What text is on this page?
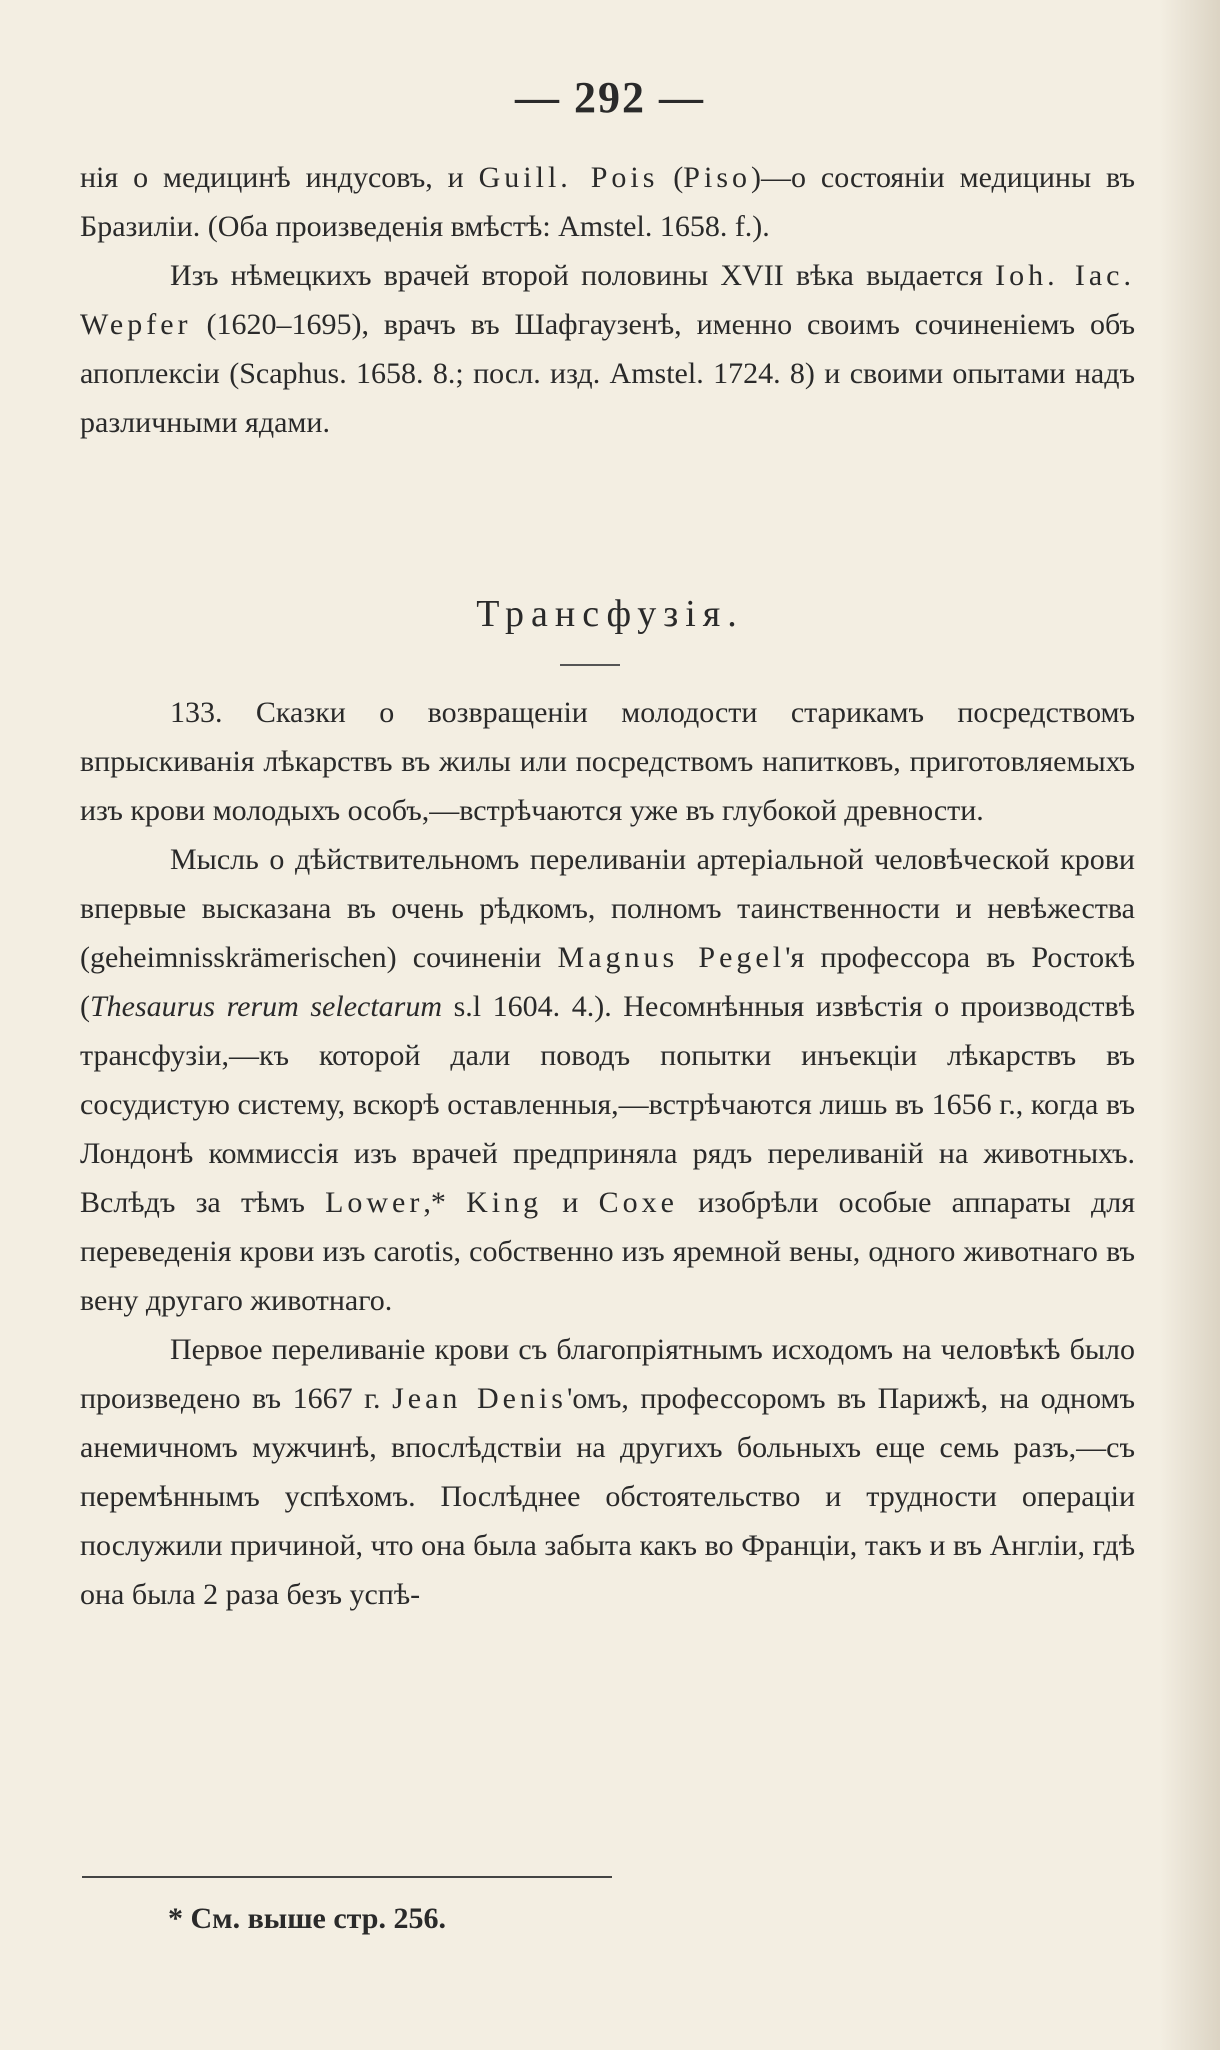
— 292 —

нія о медицинѣ индусовъ, и Guill. Pois (Piso)—о состояніи медицины въ Бразиліи. (Оба произведенія вмѣстѣ: Amstel. 1658. f.).

Изъ нѣмецкихъ врачей второй половины XVII вѣка выдается Ioh. Iac. Wepfer (1620–1695), врачъ въ Шафгаузенѣ, именно своимъ сочиненіемъ объ апоплексіи (Scaphus. 1658. 8.; посл. изд. Amstel. 1724. 8) и своими опытами надъ различными ядами.

Трансфузія.

133. Сказки о возвращеніи молодости старикамъ посредствомъ впрыскиванія лѣкарствъ въ жилы или посредствомъ напитковъ, приготовляемыхъ изъ крови молодыхъ особъ,—встрѣчаются уже въ глубокой древности.

Мысль о дѣйствительномъ переливаніи артеріальной человѣческой крови впервые высказана въ очень рѣдкомъ, полномъ таинственности и невѣжества (geheimnisskrämerischen) сочиненіи Magnus Pegel'я профессора въ Ростокѣ (Thesaurus rerum selectarum s.l 1604. 4.). Несомнѣнныя извѣстія о производствѣ трансфузіи,—къ которой дали поводъ попытки инъекціи лѣкарствъ въ сосудистую систему, вскорѣ оставленныя,—встрѣчаются лишь въ 1656 г., когда въ Лондонѣ коммиссія изъ врачей предприняла рядъ переливаній на животныхъ. Вслѣдъ за тѣмъ Lower,* King и Coxe изобрѣли особые аппараты для переведенія крови изъ carotis, собственно изъ яремной вены, одного животнаго въ вену другаго животнаго.

Первое переливаніе крови съ благопріятнымъ исходомъ на человѣкѣ было произведено въ 1667 г. Jean Denis'омъ, профессоромъ въ Парижѣ, на одномъ анемичномъ мужчинѣ, впослѣдствіи на другихъ больныхъ еще семь разъ,—съ перемѣннымъ успѣхомъ. Послѣднее обстоятельство и трудности операціи послужили причиной, что она была забыта какъ во Франціи, такъ и въ Англіи, гдѣ она была 2 раза безъ успѣ-

* См. выше стр. 256.
